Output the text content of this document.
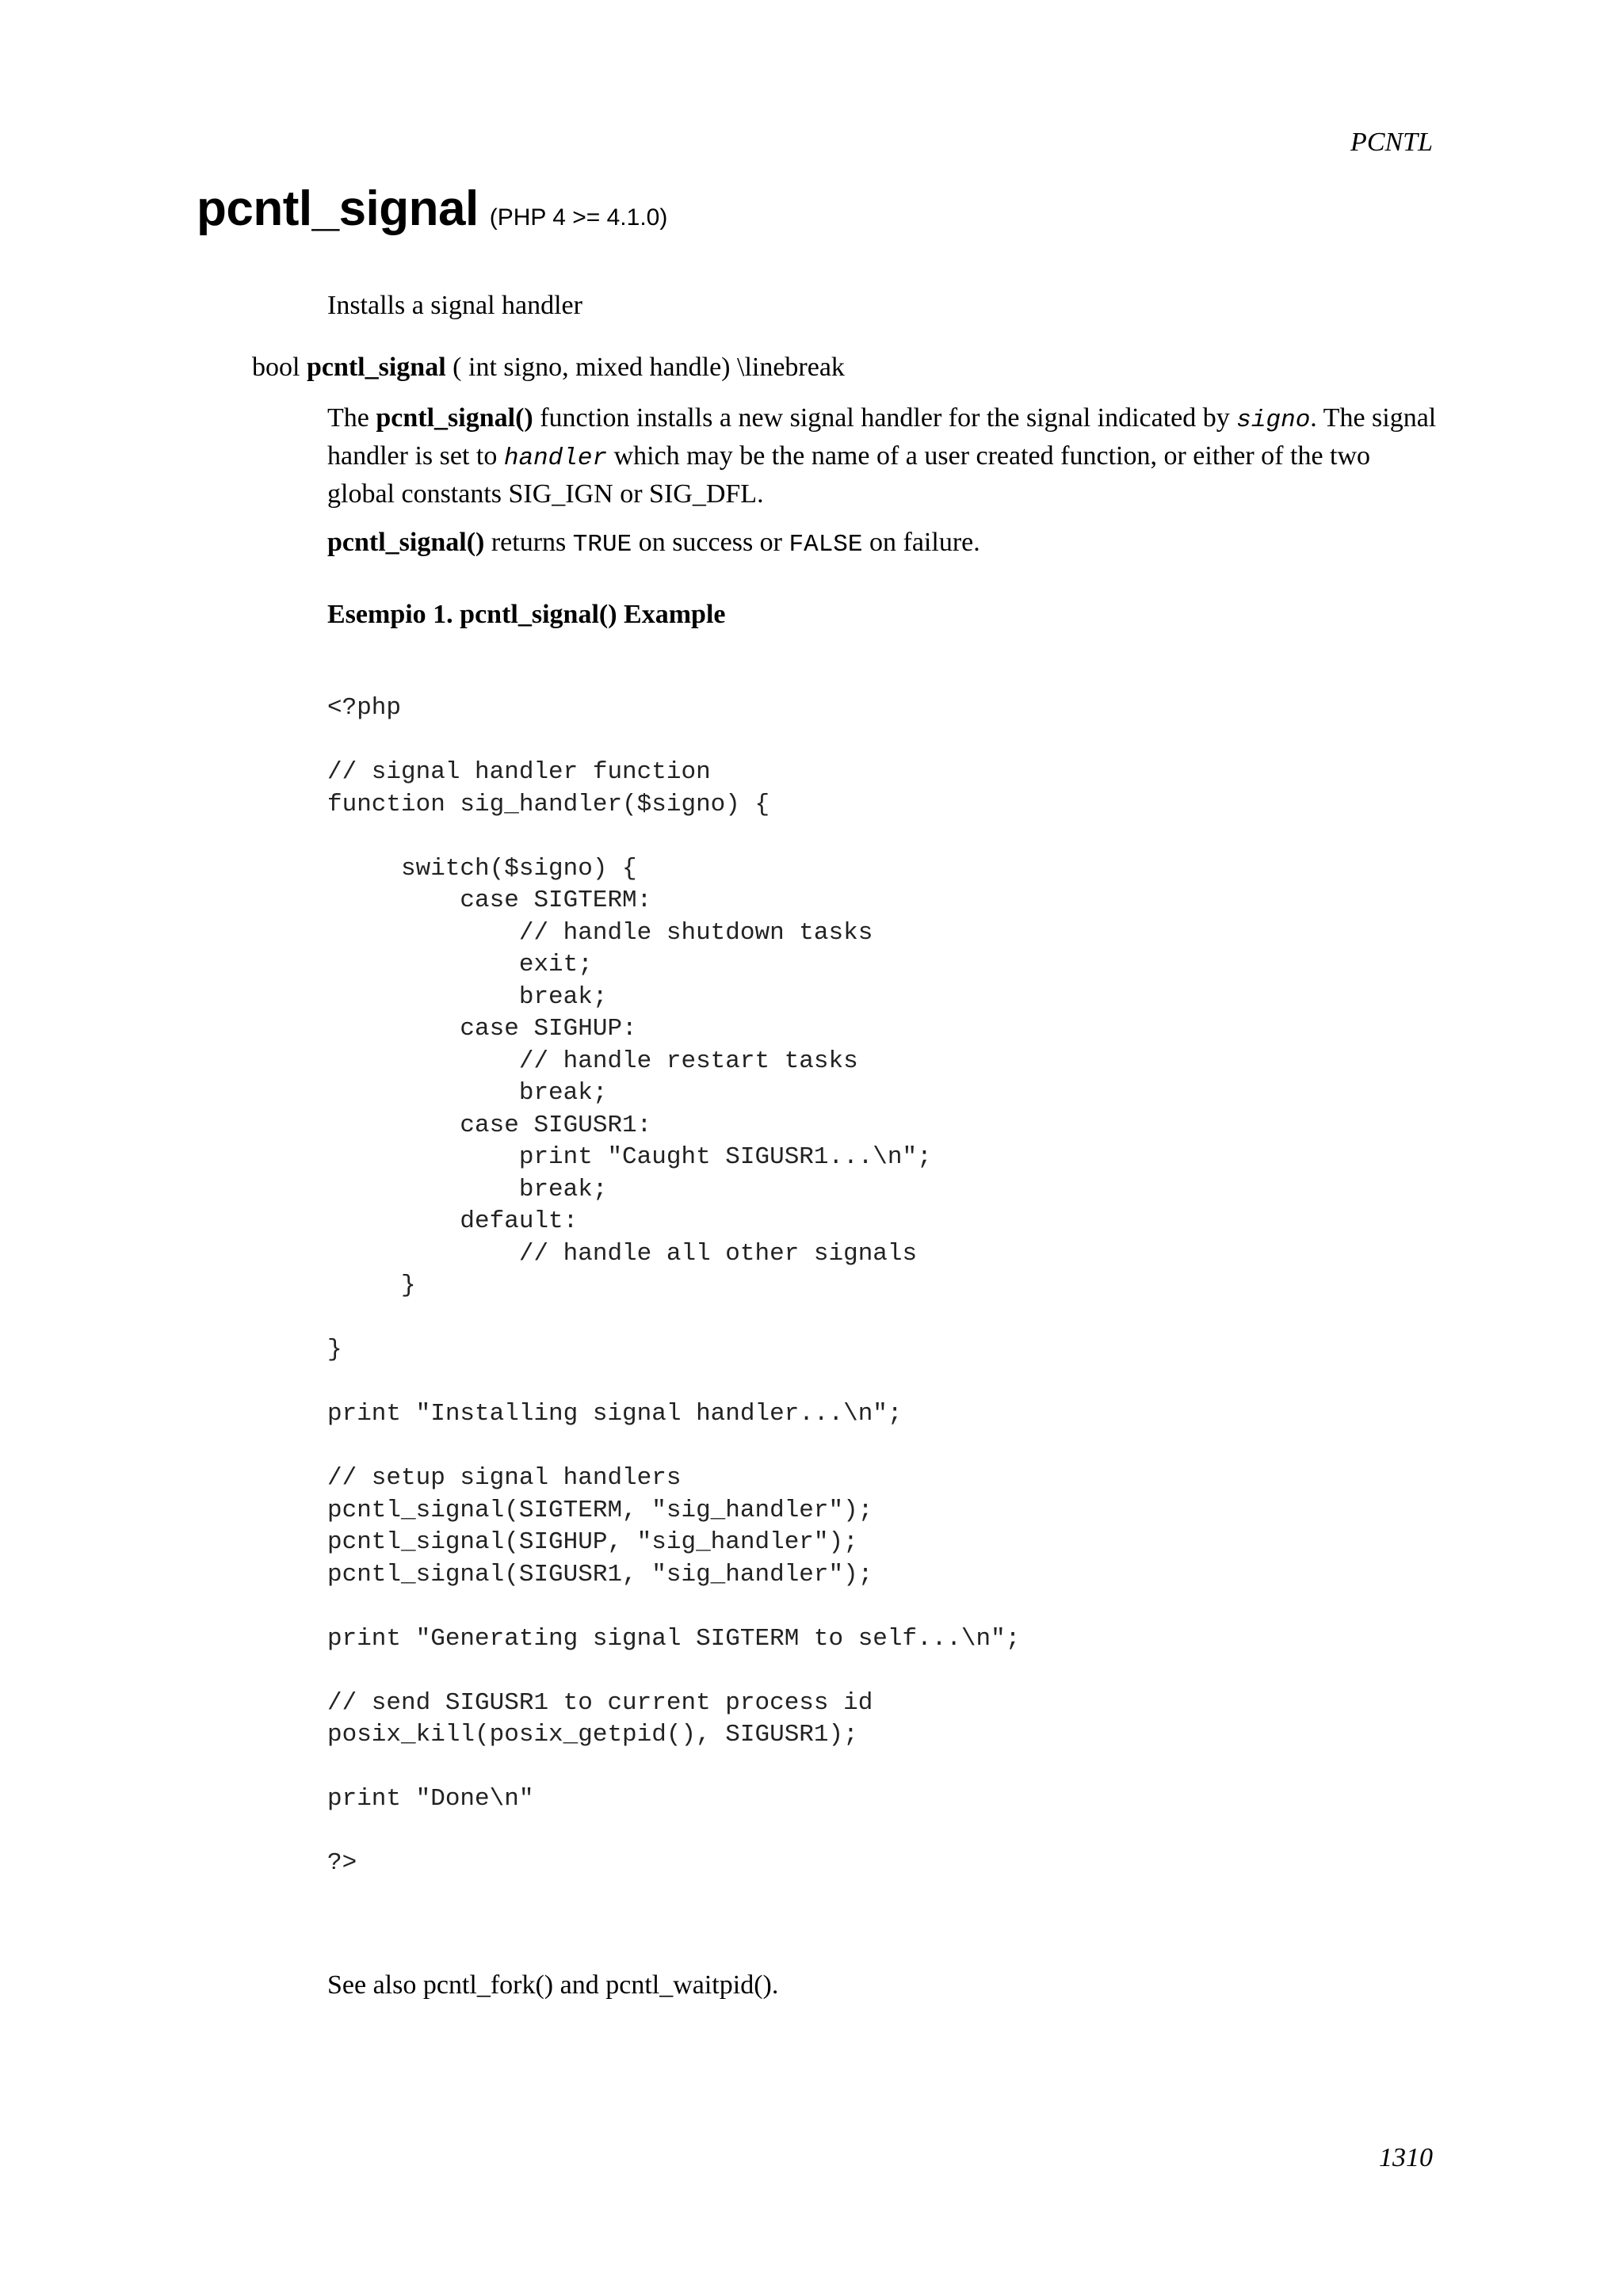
PCNTL
pcntl_signal (PHP 4 >= 4.1.0)
Installs a signal handler
bool pcntl_signal ( int signo, mixed handle) \linebreak

The pcntl_signal() function installs a new signal handler for the signal indicated by signo. The signal handler is set to handler which may be the name of a user created function, or either of the two global constants SIG_IGN or SIG_DFL.

pcntl_signal() returns TRUE on success or FALSE on failure.

Esempio 1. pcntl_signal() Example
<?php

// signal handler function
function sig_handler($signo) {

switch($signo) {
case SIGTERM:
// handle shutdown tasks
exit;
break;
case SIGHUP:
// handle restart tasks
break;
case SIGUSR1:
print "Caught SIGUSR1...\n";
break;
default:
// handle all other signals
}

}

print "Installing signal handler...\n";

// setup signal handlers
pcntl_signal(SIGTERM, "sig_handler");
pcntl_signal(SIGHUP, "sig_handler");
pcntl_signal(SIGUSR1, "sig_handler");

print "Generating signal SIGTERM to self...\n";

// send SIGUSR1 to current process id
posix_kill(posix_getpid(), SIGUSR1);

print "Done\n"

?>
See also pcntl_fork() and pcntl_waitpid().
1310
